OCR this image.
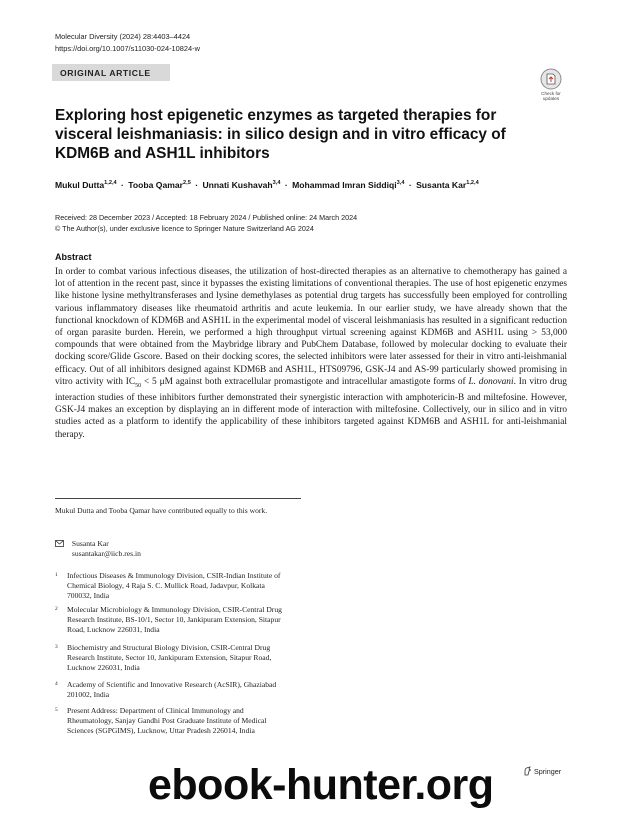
Molecular Diversity (2024) 28:4403–4424
https://doi.org/10.1007/s11030-024-10824-w
ORIGINAL ARTICLE
Check for updates
Exploring host epigenetic enzymes as targeted therapies for visceral leishmaniasis: in silico design and in vitro efficacy of KDM6B and ASH1L inhibitors
Mukul Dutta$^{1,2,4}$ · Tooba Qamar$^{2,5}$ · Unnati Kushavah$^{3,4}$ · Mohammad Imran Siddiqi$^{3,4}$ · Susanta Kar$^{1,2,4}$
Received: 28 December 2023 / Accepted: 18 February 2024 / Published online: 24 March 2024
© The Author(s), under exclusive licence to Springer Nature Switzerland AG 2024
Abstract

In order to combat various infectious diseases, the utilization of host-directed therapies as an alternative to chemotherapy has gained a lot of attention in the recent past, since it bypasses the existing limitations of conventional therapies. The use of host epigenetic enzymes like histone lysine methyltransferases and lysine demethylases as potential drug targets has successfully been employed for controlling various inflammatory diseases like rheumatoid arthritis and acute leukemia. In our earlier study, we have already shown that the functional knockdown of KDM6B and ASH1L in the experimental model of visceral leishmaniasis has resulted in a significant reduction of organ parasite burden. Herein, we performed a high throughput virtual screening against KDM6B and ASH1L using > 53,000 compounds that were obtained from the Maybridge library and PubChem Database, followed by molecular docking to evaluate their docking score/Glide Gscore. Based on their docking scores, the selected inhibitors were later assessed for their in vitro anti-leishmanial efficacy. Out of all inhibitors designed against KDM6B and ASH1L, HTS09796, GSK-J4 and AS-99 particularly showed promising in vitro activity with $IC_{50} < 5$ μM against both extracellular promastigote and intracellular amastigote forms of L. donovani. In vitro drug interaction studies of these inhibitors further demonstrated their synergistic interaction with amphotericin-B and miltefosine. However, GSK-J4 makes an exception by displaying an in different mode of interaction with miltefosine. Collectively, our in silico and in vitro studies acted as a platform to identify the applicability of these inhibitors targeted against KDM6B and ASH1L for anti-leishmanial therapy.

Mukul Dutta and Tooba Qamar have contributed equally to this work.

Susanta Kar
susantakar@iicb.res.in
1	Infectious Diseases & Immunology Division, CSIR-Indian Institute of Chemical Biology, 4 Raja S. C. Mullick Road, Jadavpur, Kolkata 700032, India
2	Molecular Microbiology & Immunology Division, CSIR-Central Drug Research Institute, BS-10/1, Sector 10, Jankipuram Extension, Sitapur Road, Lucknow 226031, India
3	Biochemistry and Structural Biology Division, CSIR-Central Drug Research Institute, Sector 10, Jankipuram Extension, Sitapur Road, Lucknow 226031, India
4	Academy of Scientific and Innovative Research (AcSIR), Ghaziabad 201002, India
5	Present Address: Department of Clinical Immunology and Rheumatology, Sanjay Gandhi Post Graduate Institute of Medical Sciences (SGPGIMS), Lucknow, Uttar Pradesh 226014, India
Springer
ebook-hunter.org
